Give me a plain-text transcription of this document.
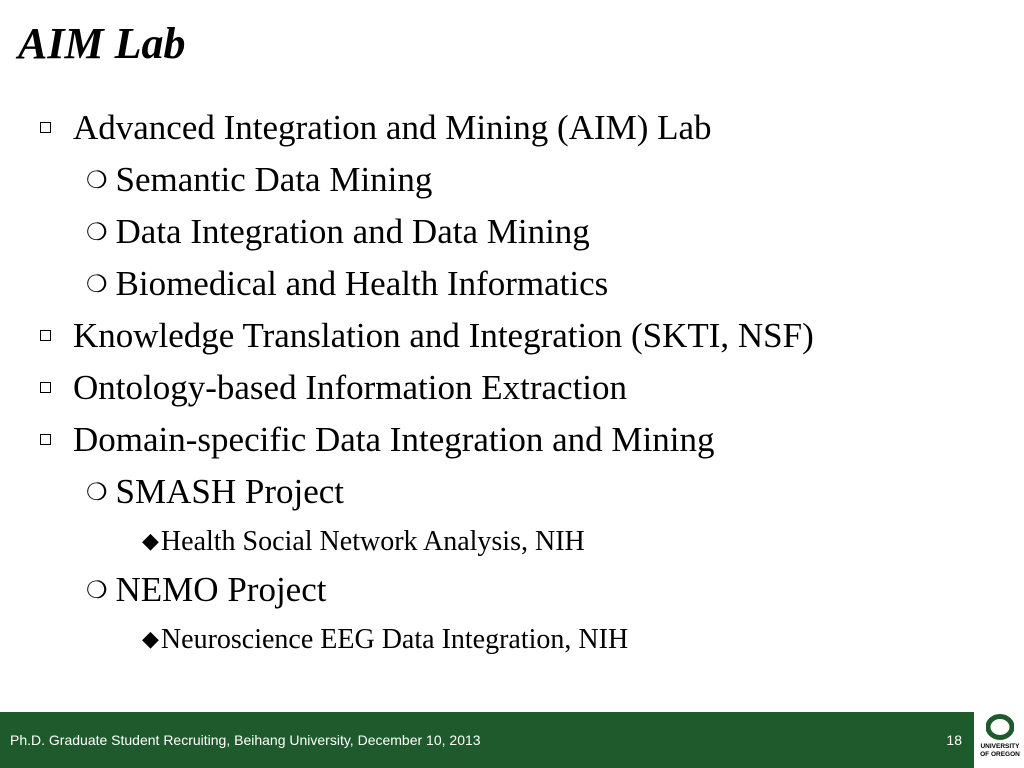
AIM Lab
Advanced Integration and Mining (AIM) Lab
❍ Semantic Data Mining
❍ Data Integration and Data Mining
❍ Biomedical and Health Informatics
Knowledge Translation and Integration (SKTI, NSF)
Ontology-based Information Extraction
Domain-specific Data Integration and Mining
❍ SMASH Project
◆Health Social Network Analysis, NIH
❍ NEMO Project
◆Neuroscience EEG Data Integration, NIH
Ph.D. Graduate Student Recruiting, Beihang University, December 10, 2013	18	UNIVERSITY
OF OREGON
